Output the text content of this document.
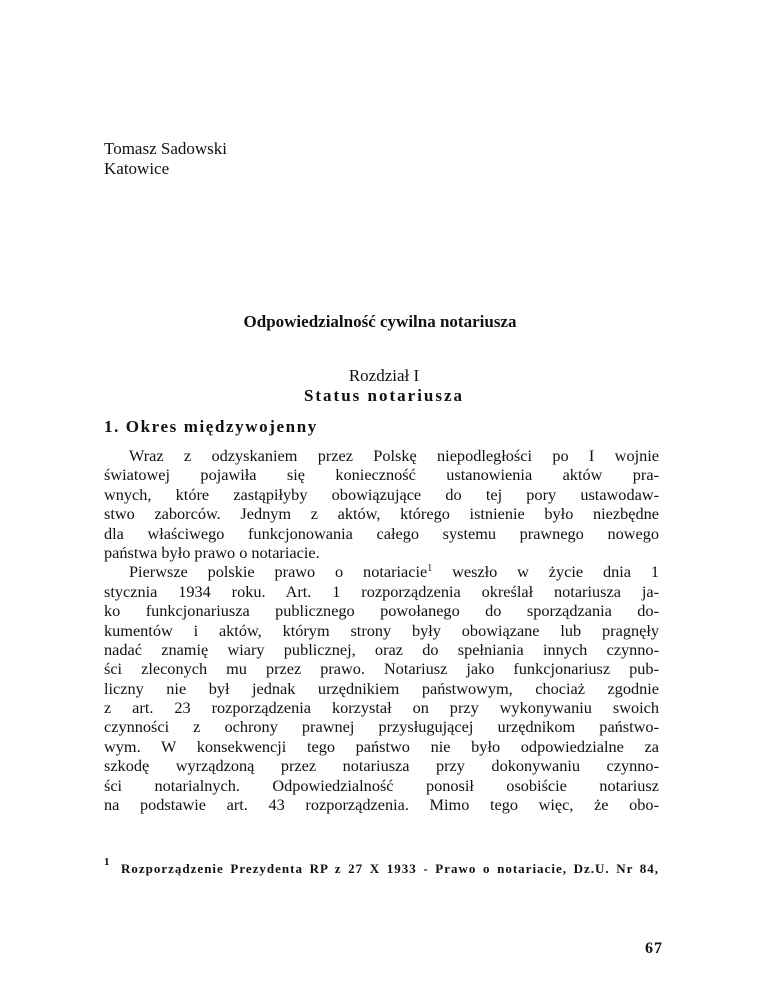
Tomasz Sadowski
Katowice
Odpowiedzialność cywilna notariusza
Rozdział I
Status notariusza
1. Okres międzywojenny
Wraz z odzyskaniem przez Polskę niepodległości po I wojnie
światowej pojawiła się konieczność ustanowienia aktów pra-
wnych, które zastąpiłyby obowiązujące do tej pory ustawodaw-
stwo zaborców. Jednym z aktów, którego istnienie było niezbędne
dla właściwego funkcjonowania całego systemu prawnego nowego
państwa było prawo o notariacie.
Pierwsze polskie prawo o notariacie$^1$ weszło w życie dnia 1
stycznia 1934 roku. Art. 1 rozporządzenia określał notariusza ja-
ko funkcjonariusza publicznego powołanego do sporządzania do-
kumentów i aktów, którym strony były obowiązane lub pragnęły
nadać znamię wiary publicznej, oraz do spełniania innych czynno-
ści zleconych mu przez prawo. Notariusz jako funkcjonariusz pub-
liczny nie był jednak urzędnikiem państwowym, chociaż zgodnie
z art. 23 rozporządzenia korzystał on przy wykonywaniu swoich
czynności z ochrony prawnej przysługującej urzędnikom państwo-
wym. W konsekwencji tego państwo nie było odpowiedzialne za
szkodę wyrządzoną przez notariusza przy dokonywaniu czynno-
ści notarialnych. Odpowiedzialność ponosił osobiście notariusz
na podstawie art. 43 rozporządzenia. Mimo tego więc, że obo-
1 Rozporządzenie Prezydenta RP z 27 X 1933 - Prawo o notariacie, Dz.U. Nr 84,
67
